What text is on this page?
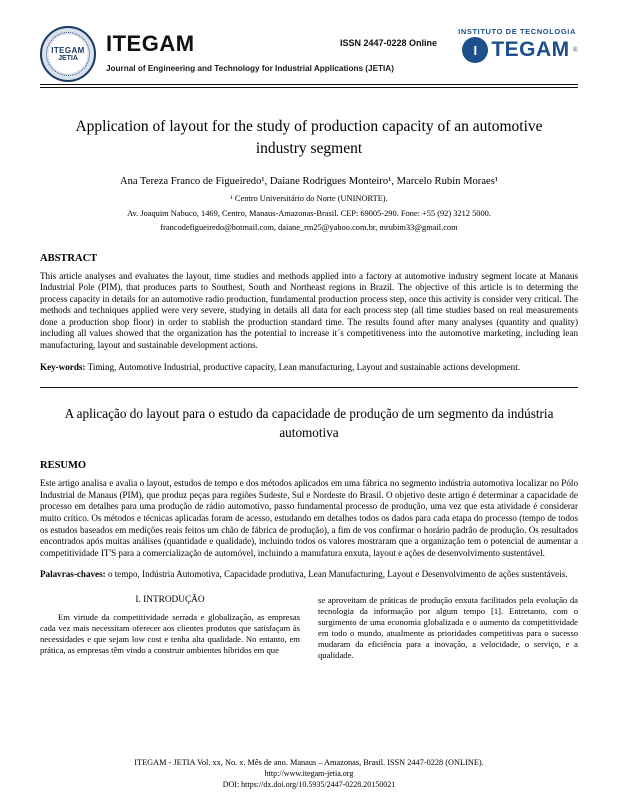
ITEGAM
JETIA
ITEGAM
Journal of Engineering and Technology for Industrial Applications (JETIA)
ISSN 2447-0228 Online
INSTITUTO DE TECNOLOGIA
I TEGAM ®
Application of layout for the study of production capacity of an automotive industry segment
Ana Tereza Franco de Figueiredo¹, Daiane Rodrigues Monteiro¹, Marcelo Rubin Moraes¹
¹ Centro Universitário do Norte (UNINORTE).
Av. Joaquim Nabuco, 1469, Centro, Manaus-Amazonas-Brasil. CEP: 69005-290. Fone: +55 (92) 3212 5000.
francodefigueiredo@hotmail.com, daiane_rm25@yahoo.com.br, mrubim33@gmail.com
ABSTRACT
This article analyses and evaluates the layout, time studies and methods applied into a factory at automotive industry segment locate at Manaus Industrial Pole (PIM), that produces parts to Southest, South and Northeast regions in Brazil. The objective of this article is to determing the process capacity in details for an automotive radio production, fundamental production process step, once this activity is consider very critical. The methods and techniques applied were very severe, studying in details all data for each process step (all time studies based on real measurements done a production shop floor) in order to stablish the production standard time. The results found after many analyses (quantity and quality) including all values showed that the organization has the potential to increase it´s competitiveness into the automotive marketing, including lean manufacturing, layout and sustainable development actions.
Key-words: Timing, Automotive Industrial, productive capacity, Lean manufacturing, Layout and sustainable actions development.
A aplicação do layout para o estudo da capacidade de produção de um segmento da indústria automotiva
RESUMO
Este artigo analisa e avalia o layout, estudos de tempo e dos métodos aplicados em uma fábrica no segmento indústria automotiva localizar no Pólo Industrial de Manaus (PIM), que produz peças para regiões Sudeste, Sul e Nordeste do Brasil. O objetivo deste artigo é determinar a capacidade de processo em detalhes para uma produção de rádio automotivo, passo fundamental processo de produção, uma vez que esta atividade é considerar muito crítico. Os métodos e técnicas aplicadas foram de acesso, estudando em detalhes todos os dados para cada etapa do processo (tempo de todos os estudos baseados em medições reais feitos um chão de fábrica de produção), a fim de vos confirmar o horário padrão de produção. Os resultados encontrados após muitas análises (quantidade e qualidade), incluindo todos os valores mostraram que a organização tem o potencial de aumentar a competitividade IT'S para a comercialização de automóvel, incluindo a manufatura enxuta, layout e ações de desenvolvimento sustentável.
Palavras-chaves: o tempo, Indústria Automotiva, Capacidade produtiva, Lean Manufacturing, Layout e Desenvolvimento de ações sustentáveis.
I. INTRODUÇÃO
Em virtude da competitividade serrada e globalização, as empresas cada vez mais necessitam oferecer aos clientes produtos que satisfaçam às necessidades e que sejam low cost e tenha alta qualidade. No entanto, em prática, as empresas têm vindo a construir ambientes híbridos em que
se aproveitam de práticas de produção enxuta facilitados pela evolução da tecnologia da informação por algum tempo [1]. Entretanto, com o surgimento de uma economia globalizada e o aumento da competitividade em todo o mundo, atualmente as prioridades competitivas para o sucesso mudaram da eficiência para a inovação, a velocidade, o serviço, e a qualidade.
ITEGAM - JETIA Vol. xx, No. x. Mês de ano. Manaus – Amazonas, Brasil. ISSN 2447-0228 (ONLINE).
http://www.itegam-jetia.org
DOI: https://dx.doi.org/10.5935/2447-0228.20150021
